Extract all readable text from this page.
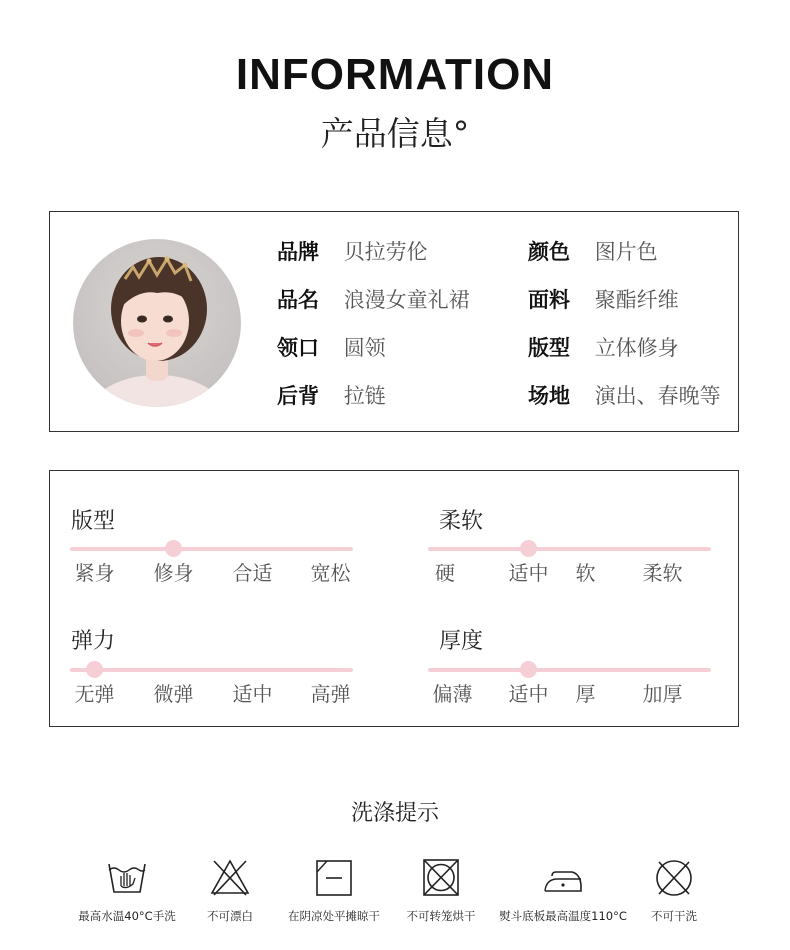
INFORMATION
产品信息°
品牌 贝拉劳伦	颜色 图片色
品名 浪漫女童礼裙	面料 聚酯纤维
领口 圆领	版型 立体修身
后背 拉链	场地 演出、春晚等
版型
紧身	修身	合适	宽松
柔软
硬	适中	软	柔软
弹力
无弹	微弹	适中	高弹
厚度
偏薄	适中	厚	加厚
洗涤提示
最高水温40°C手洗	不可漂白	在阴凉处平摊晾干	不可转笼烘干	熨斗底板最高温度110°C	不可干洗
